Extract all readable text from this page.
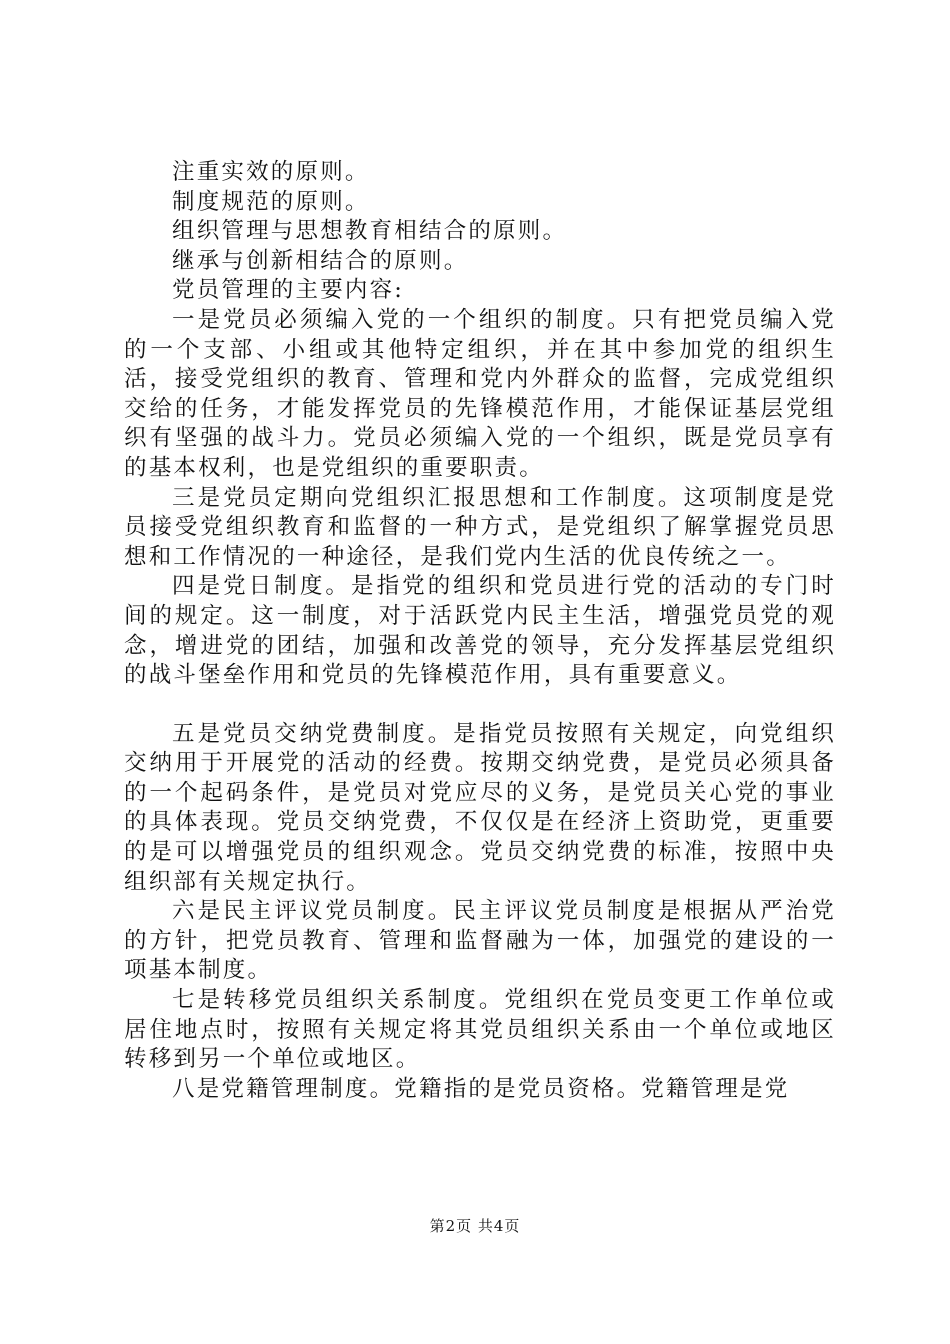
注重实效的原则。

制度规范的原则。

组织管理与思想教育相结合的原则。

继承与创新相结合的原则。

党员管理的主要内容:

一是党员必须编入党的一个组织的制度。只有把党员编入党的一个支部、小组或其他特定组织，并在其中参加党的组织生活，接受党组织的教育、管理和党内外群众的监督，完成党组织交给的任务，才能发挥党员的先锋模范作用，才能保证基层党组织有坚强的战斗力。党员必须编入党的一个组织，既是党员享有的基本权利，也是党组织的重要职责。

三是党员定期向党组织汇报思想和工作制度。这项制度是党员接受党组织教育和监督的一种方式，是党组织了解掌握党员思想和工作情况的一种途径，是我们党内生活的优良传统之一。

四是党日制度。是指党的组织和党员进行党的活动的专门时间的规定。这一制度，对于活跃党内民主生活，增强党员党的观念，增进党的团结，加强和改善党的领导，充分发挥基层党组织的战斗堡垒作用和党员的先锋模范作用，具有重要意义。

五是党员交纳党费制度。是指党员按照有关规定，向党组织交纳用于开展党的活动的经费。按期交纳党费，是党员必须具备的一个起码条件，是党员对党应尽的义务，是党员关心党的事业的具体表现。党员交纳党费，不仅仅是在经济上资助党，更重要的是可以增强党员的组织观念。党员交纳党费的标准，按照中央组织部有关规定执行。

六是民主评议党员制度。民主评议党员制度是根据从严治党的方针，把党员教育、管理和监督融为一体，加强党的建设的一项基本制度。

七是转移党员组织关系制度。党组织在党员变更工作单位或居住地点时，按照有关规定将其党员组织关系由一个单位或地区转移到另一个单位或地区。

八是党籍管理制度。党籍指的是党员资格。党籍管理是党

第2页 共4页
